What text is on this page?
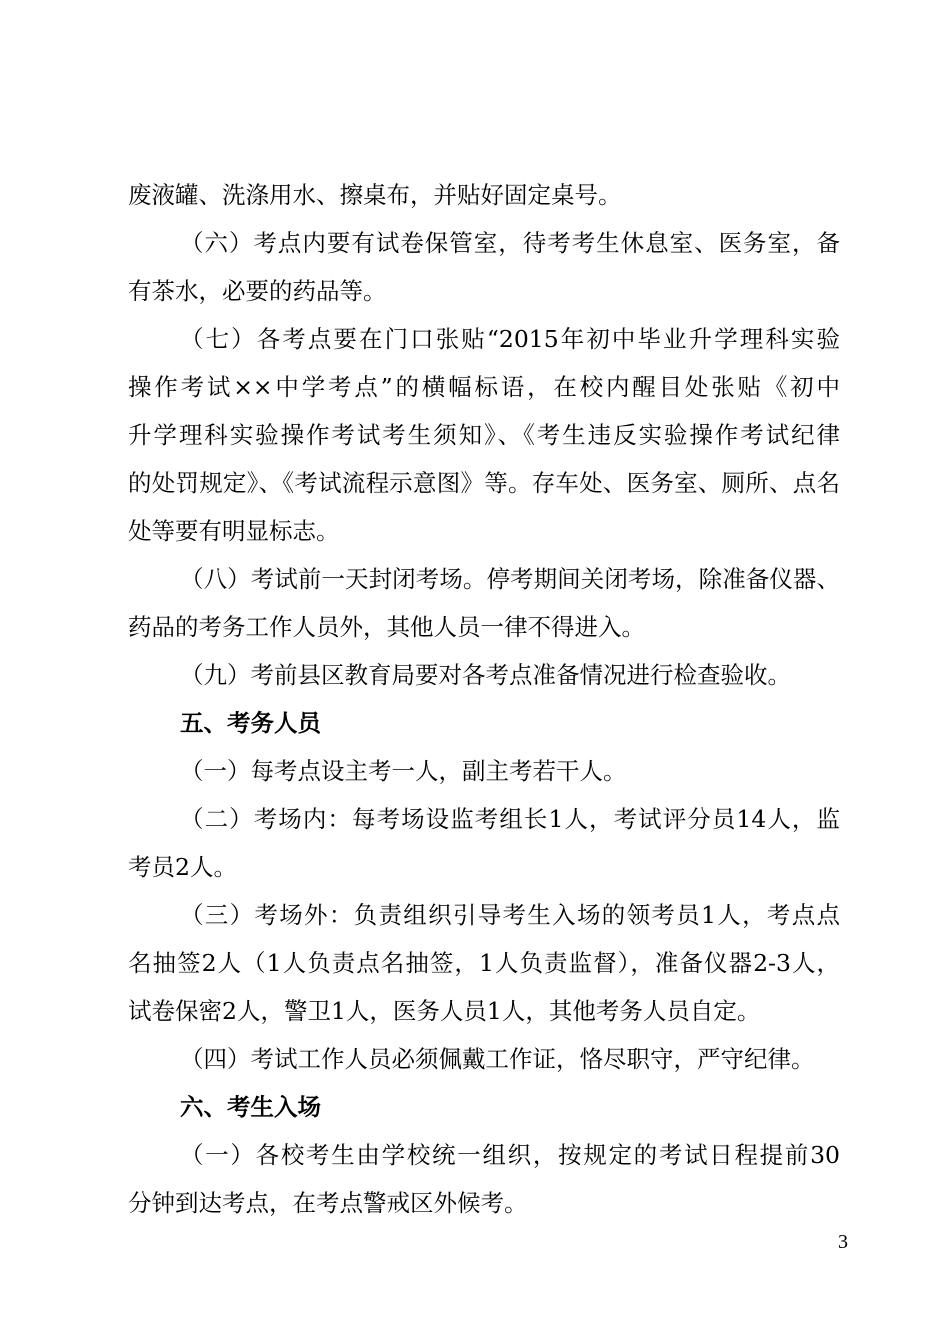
废液罐、洗涤用水、擦桌布，并贴好固定桌号。
（六）考点内要有试卷保管室，待考考生休息室、医务室，备
有茶水，必要的药品等。
（七）各考点要在门口张贴“2015年初中毕业升学理科实验
操作考试××中学考点”的横幅标语，在校内醒目处张贴《初中
升学理科实验操作考试考生须知》、《考生违反实验操作考试纪律
的处罚规定》、《考试流程示意图》等。存车处、医务室、厕所、点名
处等要有明显标志。
（八）考试前一天封闭考场。停考期间关闭考场，除准备仪器、
药品的考务工作人员外，其他人员一律不得进入。
（九）考前县区教育局要对各考点准备情况进行检查验收。
五、考务人员
（一）每考点设主考一人，副主考若干人。
（二）考场内：每考场设监考组长1人，考试评分员14人，监
考员2人。
（三）考场外：负责组织引导考生入场的领考员1人，考点点
名抽签2人（1人负责点名抽签，1人负责监督），准备仪器2-3人，
试卷保密2人，警卫1人，医务人员1人，其他考务人员自定。
（四）考试工作人员必须佩戴工作证，恪尽职守，严守纪律。
六、考生入场
（一）各校考生由学校统一组织，按规定的考试日程提前30
分钟到达考点，在考点警戒区外候考。
3
